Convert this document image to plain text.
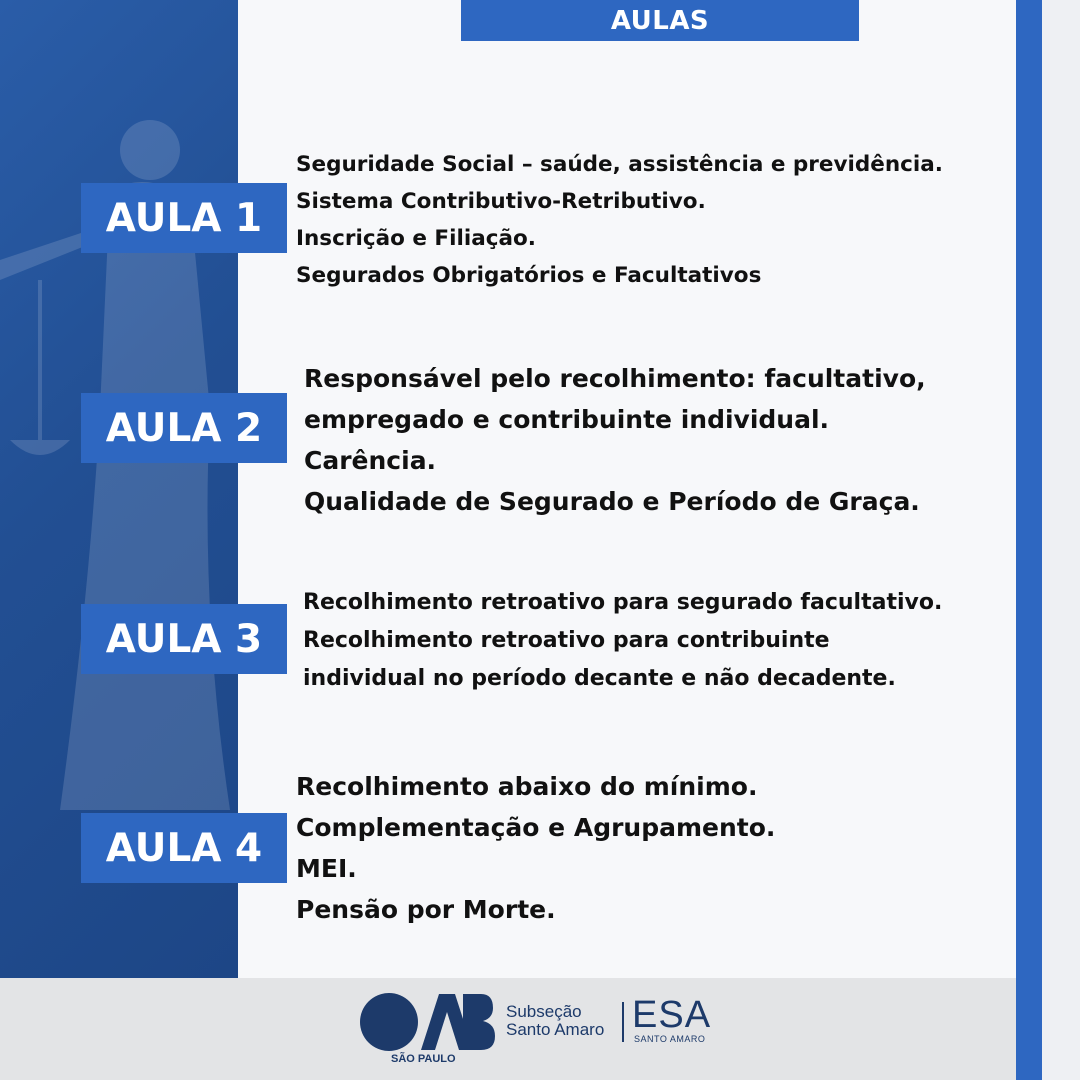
AULAS
AULA 1
Seguridade Social – saúde, assistência e previdência.
Sistema Contributivo-Retributivo.
Inscrição e Filiação.
Segurados Obrigatórios e Facultativos
AULA 2
Responsável pelo recolhimento: facultativo,
empregado e contribuinte individual.
Carência.
Qualidade de Segurado e Período de Graça.
AULA 3
Recolhimento retroativo para segurado facultativo.
Recolhimento retroativo para contribuinte
individual no período decante e não decadente.
AULA 4
Recolhimento abaixo do mínimo.
Complementação e Agrupamento.
MEI.
Pensão por Morte.
SÃO PAULO
Subseção
Santo Amaro ESA
SANTO AMARO
